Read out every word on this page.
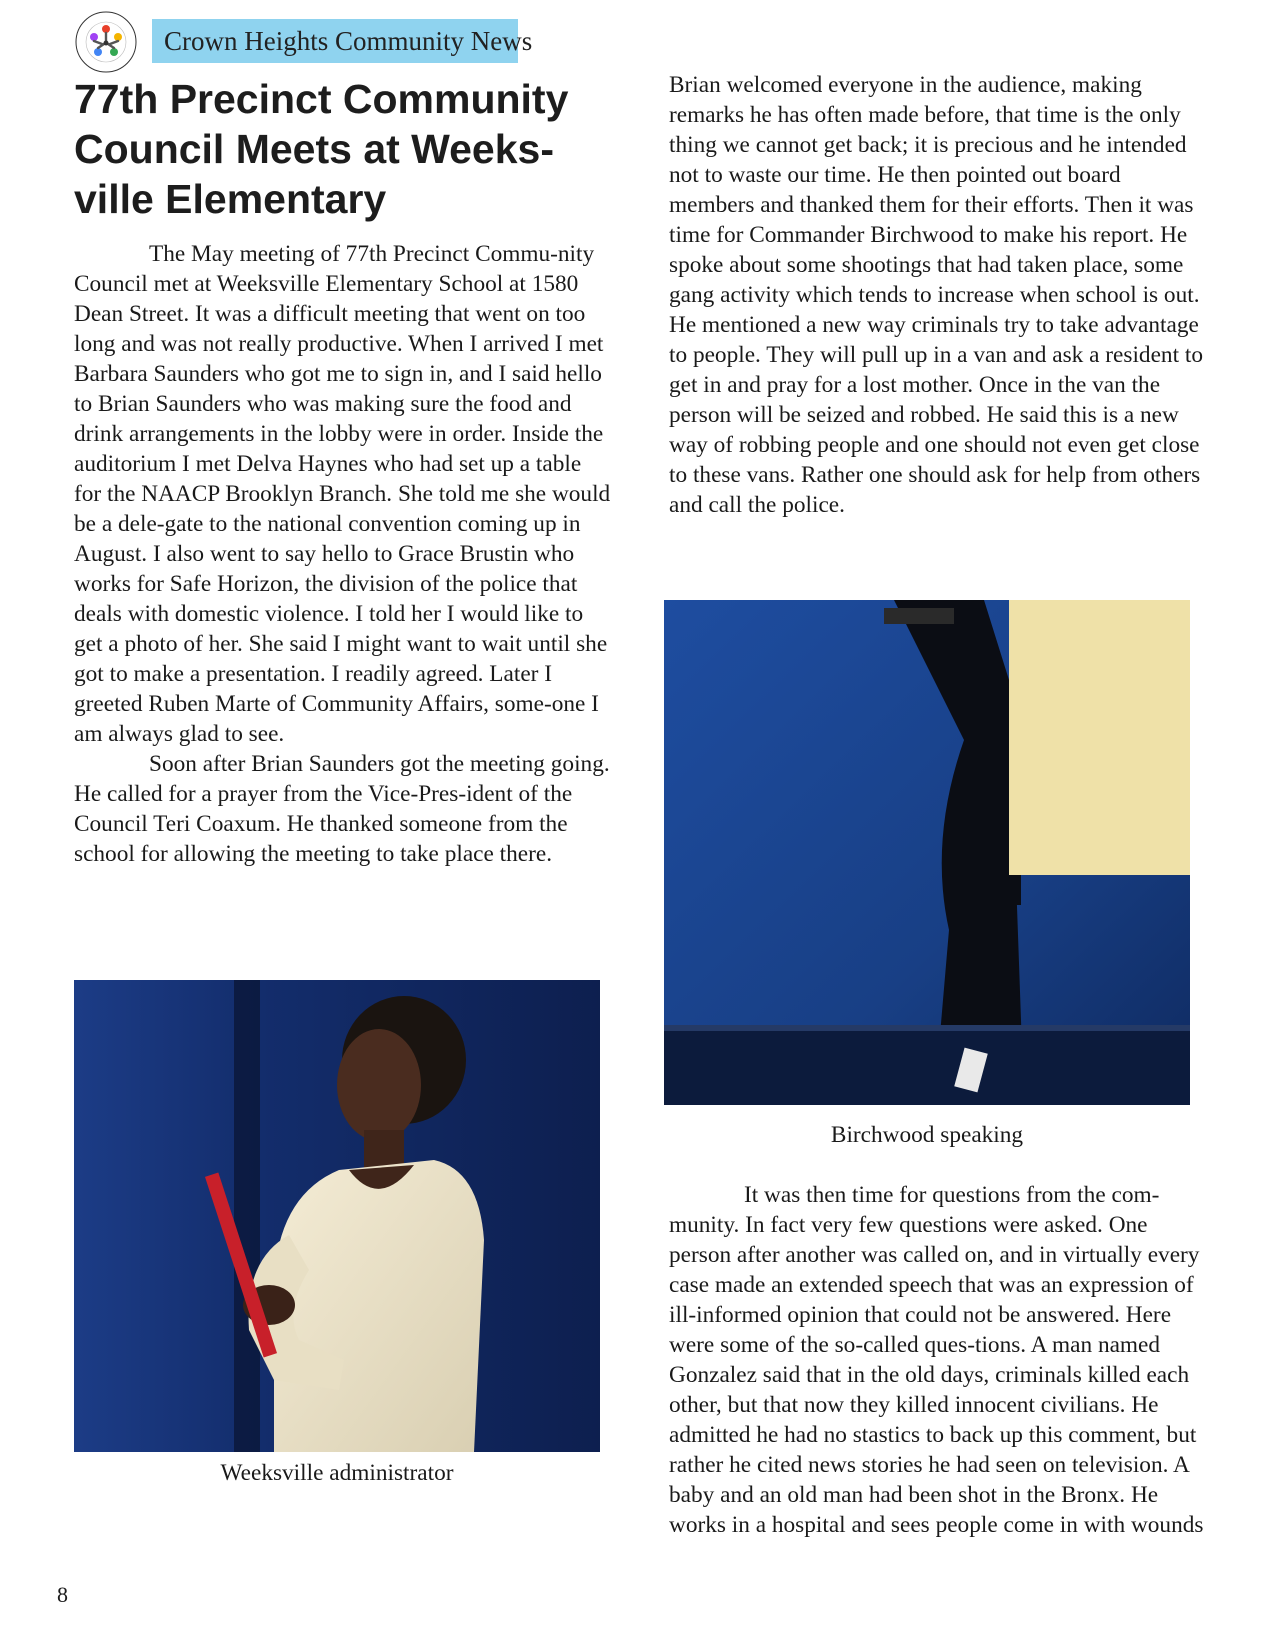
Crown Heights Community News
77th Precinct Community Council Meets at Weeks-ville Elementary

The May meeting of 77th Precinct Commu-nity Council met at Weeksville Elementary School at 1580 Dean Street. It was a difficult meeting that went on too long and was not really productive. When I arrived I met Barbara Saunders who got me to sign in, and I said hello to Brian Saunders who was making sure the food and drink arrangements in the lobby were in order. Inside the auditorium I met Delva Haynes who had set up a table for the NAACP Brooklyn Branch. She told me she would be a dele-gate to the national convention coming up in August. I also went to say hello to Grace Brustin who works for Safe Horizon, the division of the police that deals with domestic violence. I told her I would like to get a photo of her. She said I might want to wait until she got to make a presentation. I readily agreed. Later I greeted Ruben Marte of Community Affairs, some-one I am always glad to see.

Soon after Brian Saunders got the meeting going. He called for a prayer from the Vice-Pres-ident of the Council Teri Coaxum. He thanked someone from the school for allowing the meeting to take place there.

Weeksville administrator

Brian welcomed everyone in the audience, making remarks he has often made before, that time is the only thing we cannot get back; it is precious and he intended not to waste our time. He then pointed out board members and thanked them for their efforts. Then it was time for Commander Birchwood to make his report. He spoke about some shootings that had taken place, some gang activity which tends to increase when school is out. He mentioned a new way criminals try to take advantage to people. They will pull up in a van and ask a resident to get in and pray for a lost mother. Once in the van the person will be seized and robbed. He said this is a new way of robbing people and one should not even get close to these vans. Rather one should ask for help from others and call the police.

Birchwood speaking

It was then time for questions from the com-munity. In fact very few questions were asked. One person after another was called on, and in virtually every case made an extended speech that was an expression of ill-informed opinion that could not be answered. Here were some of the so-called ques-tions. A man named Gonzalez said that in the old days, criminals killed each other, but that now they killed innocent civilians. He admitted he had no stastics to back up this comment, but rather he cited news stories he had seen on television. A baby and an old man had been shot in the Bronx. He works in a hospital and sees people come in with wounds

8
